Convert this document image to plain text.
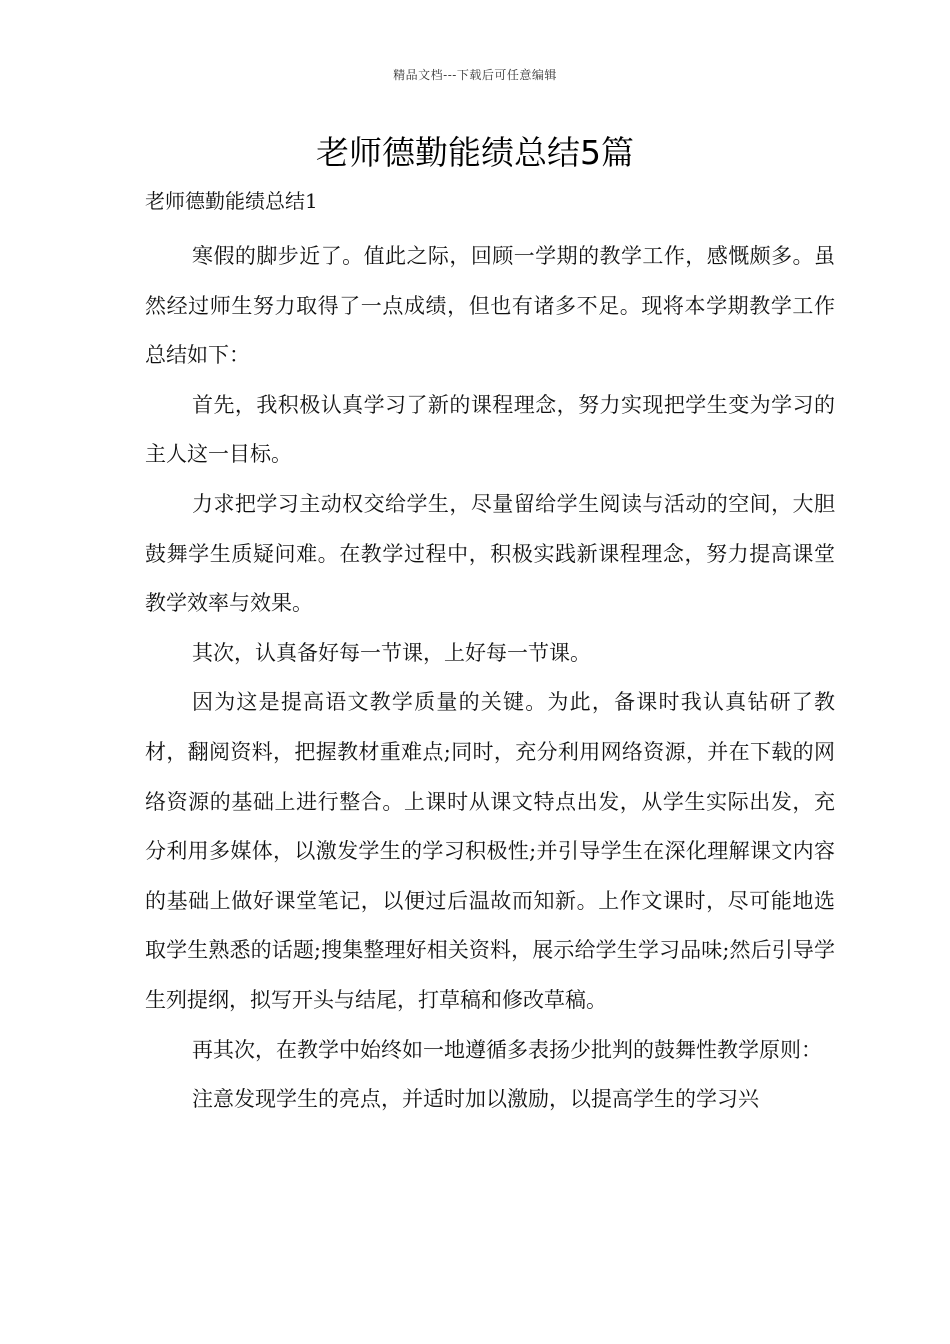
精品文档---下载后可任意编辑
老师德勤能绩总结5篇
老师德勤能绩总结1

寒假的脚步近了。值此之际，回顾一学期的教学工作，感慨颇多。虽然经过师生努力取得了一点成绩，但也有诸多不足。现将本学期教学工作总结如下：

首先，我积极认真学习了新的课程理念，努力实现把学生变为学习的主人这一目标。

力求把学习主动权交给学生，尽量留给学生阅读与活动的空间，大胆鼓舞学生质疑问难。在教学过程中，积极实践新课程理念，努力提高课堂教学效率与效果。

其次，认真备好每一节课，上好每一节课。

因为这是提高语文教学质量的关键。为此，备课时我认真钻研了教材，翻阅资料，把握教材重难点;同时，充分利用网络资源，并在下载的网络资源的基础上进行整合。上课时从课文特点出发，从学生实际出发，充分利用多媒体，以激发学生的学习积极性;并引导学生在深化理解课文内容的基础上做好课堂笔记，以便过后温故而知新。上作文课时，尽可能地选取学生熟悉的话题;搜集整理好相关资料，展示给学生学习品味;然后引导学生列提纲，拟写开头与结尾，打草稿和修改草稿。

再其次，在教学中始终如一地遵循多表扬少批判的鼓舞性教学原则：

注意发现学生的亮点，并适时加以激励，以提高学生的学习兴
